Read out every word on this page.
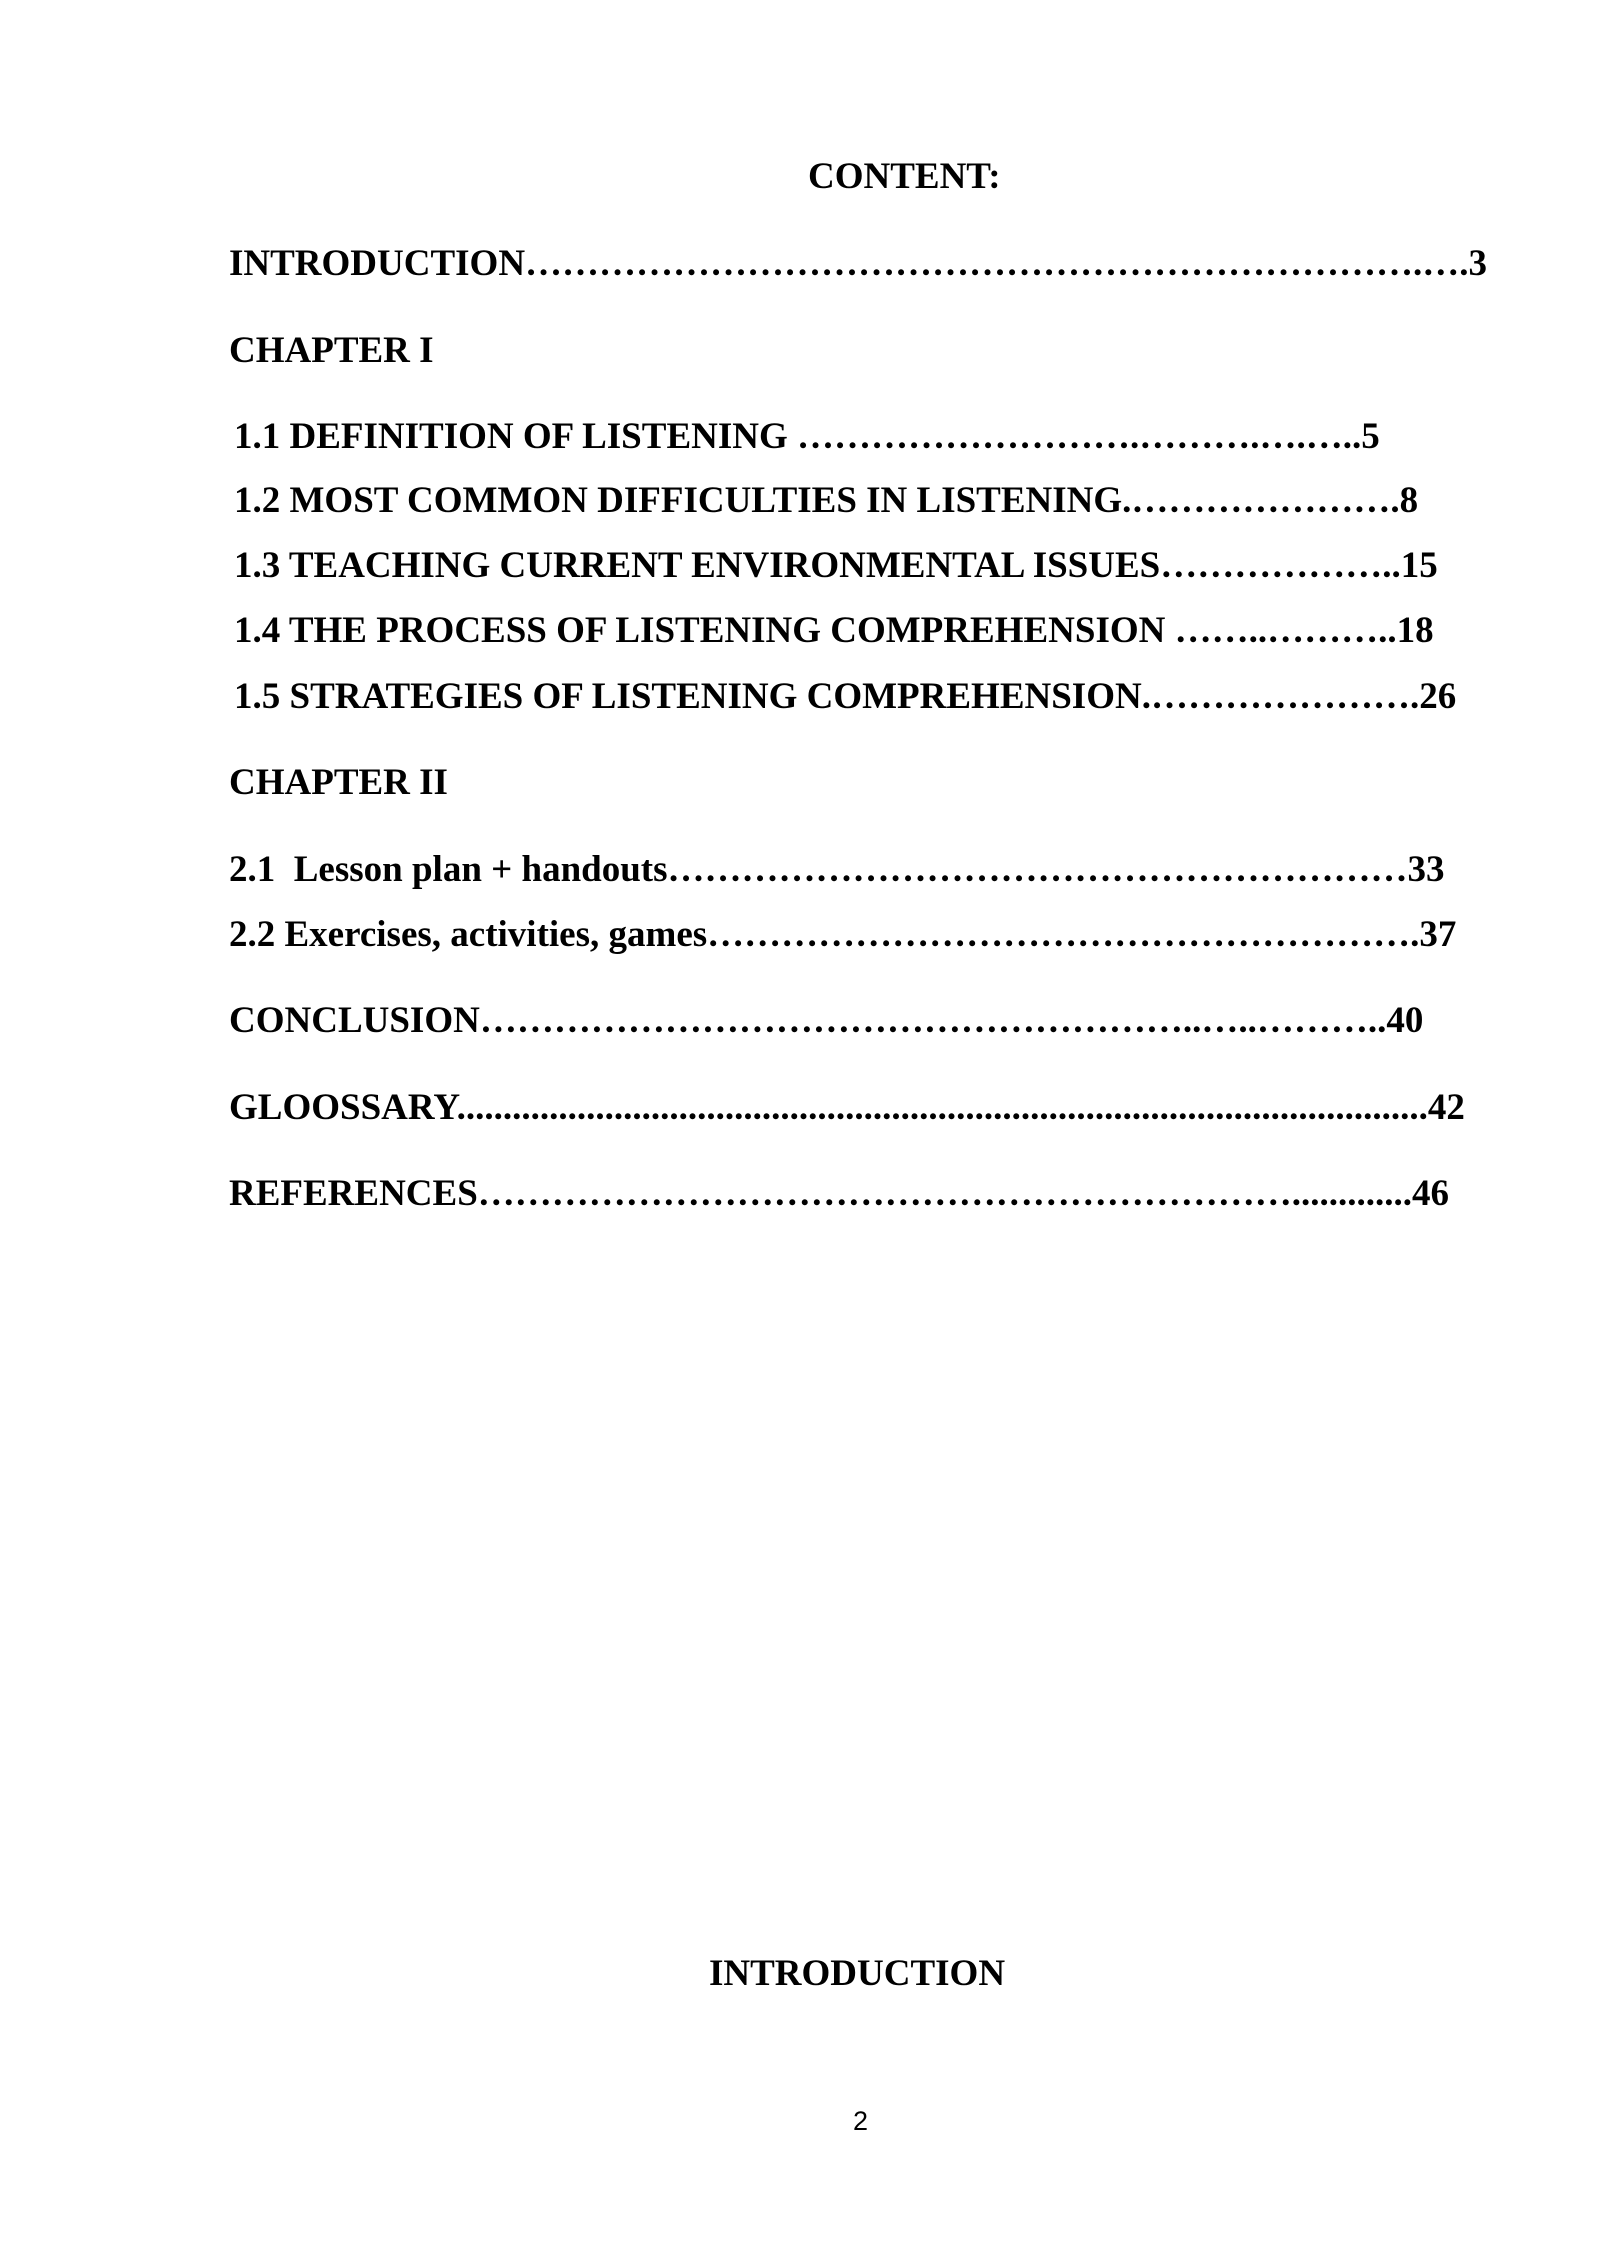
CONTENT:
INTRODUCTION……………………………………………………………….….3
CHAPTER I
1.1 DEFINITION OF LISTENING ……………………….……….….…..5
1.2 MOST COMMON DIFFICULTIES IN LISTENING.………………….8
1.3 TEACHING CURRENT ENVIRONMENTAL ISSUES………………..15
1.4 THE PROCESS OF LISTENING COMPREHENSION ……..………..18
1.5 STRATEGIES OF LISTENING COMPREHENSION.………………….26
CHAPTER II
2.1  Lesson plan + handouts……………………………………………………33
2.2 Exercises, activities, games………………………………………………….37
CONCLUSION…………………………………………………..…..………..40
GLOOSSARY.........................................................................................................42
REFERENCES………………………………………………………….............46
INTRODUCTION
2
